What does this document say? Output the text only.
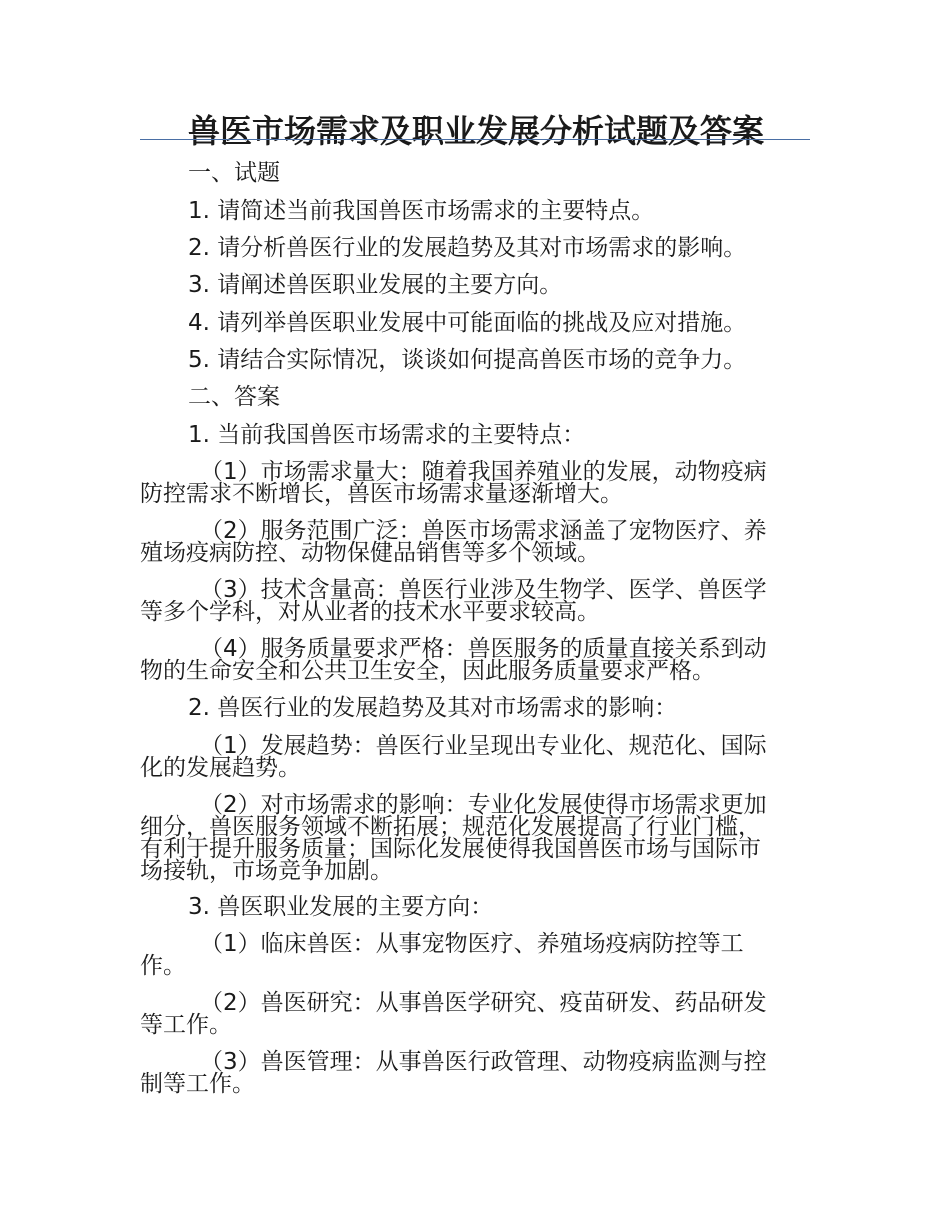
兽医市场需求及职业发展分析试题及答案
一、试题
1. 请简述当前我国兽医市场需求的主要特点。
2. 请分析兽医行业的发展趋势及其对市场需求的影响。
3. 请阐述兽医职业发展的主要方向。
4. 请列举兽医职业发展中可能面临的挑战及应对措施。
5. 请结合实际情况，谈谈如何提高兽医市场的竞争力。
二、答案
1. 当前我国兽医市场需求的主要特点：
（1）市场需求量大：随着我国养殖业的发展，动物疫病
防控需求不断增长，兽医市场需求量逐渐增大。
（2）服务范围广泛：兽医市场需求涵盖了宠物医疗、养
殖场疫病防控、动物保健品销售等多个领域。
（3）技术含量高：兽医行业涉及生物学、医学、兽医学
等多个学科，对从业者的技术水平要求较高。
（4）服务质量要求严格：兽医服务的质量直接关系到动
物的生命安全和公共卫生安全，因此服务质量要求严格。
2. 兽医行业的发展趋势及其对市场需求的影响：
（1）发展趋势：兽医行业呈现出专业化、规范化、国际
化的发展趋势。
（2）对市场需求的影响：专业化发展使得市场需求更加
细分，兽医服务领域不断拓展；规范化发展提高了行业门槛，
有利于提升服务质量；国际化发展使得我国兽医市场与国际市
场接轨，市场竞争加剧。
3. 兽医职业发展的主要方向：
（1）临床兽医：从事宠物医疗、养殖场疫病防控等工
作。
（2）兽医研究：从事兽医学研究、疫苗研发、药品研发
等工作。
（3）兽医管理：从事兽医行政管理、动物疫病监测与控
制等工作。
